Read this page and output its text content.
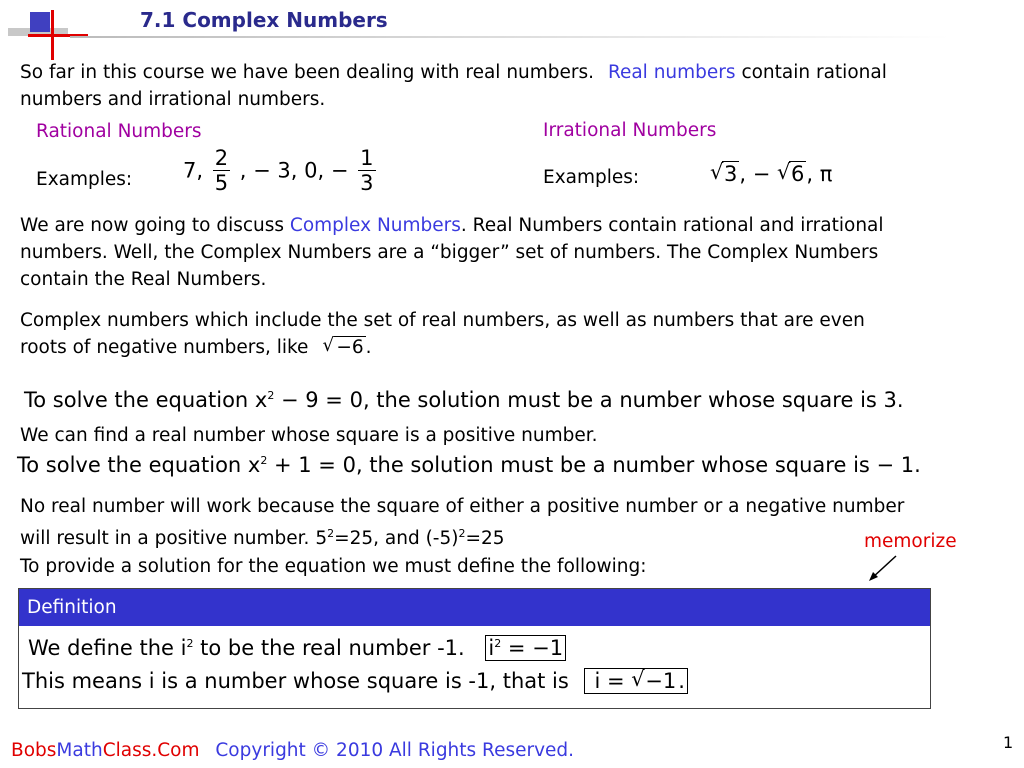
7.1 Complex Numbers
So far in this course we have been dealing with real numbers. Real numbers contain rational
numbers and irrational numbers.
Rational Numbers
Examples: 7, $\frac{2}{5}$ , − 3, 0, − $\frac{1}{3}$
Irrational Numbers
Examples:	√ 3, − √ 6, π
We are now going to discuss Complex Numbers. Real Numbers contain rational and irrational
numbers. Well, the Complex Numbers are a “bigger” set of numbers. The Complex Numbers
contain the Real Numbers.
Complex numbers which include the set of real numbers, as well as numbers that are even
roots of negative numbers, like √ −6 .
To solve the equation $x^2 - 9 = 0$, the solution must be a number whose square is 3.
We can find a real number whose square is a positive number.
To solve the equation $x^2 + 1 = 0$, the solution must be a number whose square is − 1.
No real number will work because the square of either a positive number or a negative number
will result in a positive number. $5^2=25$, and $(-5)^2=25$	memorize
To provide a solution for the equation we must define the following:
Definition
We define the $i^2$ to be the real number -1. $i^2 = -1$
This means i is a number whose square is -1, that is i = √ −1.
BobsMathClass.Com Copyright © 2010 All Rights Reserved.	1
